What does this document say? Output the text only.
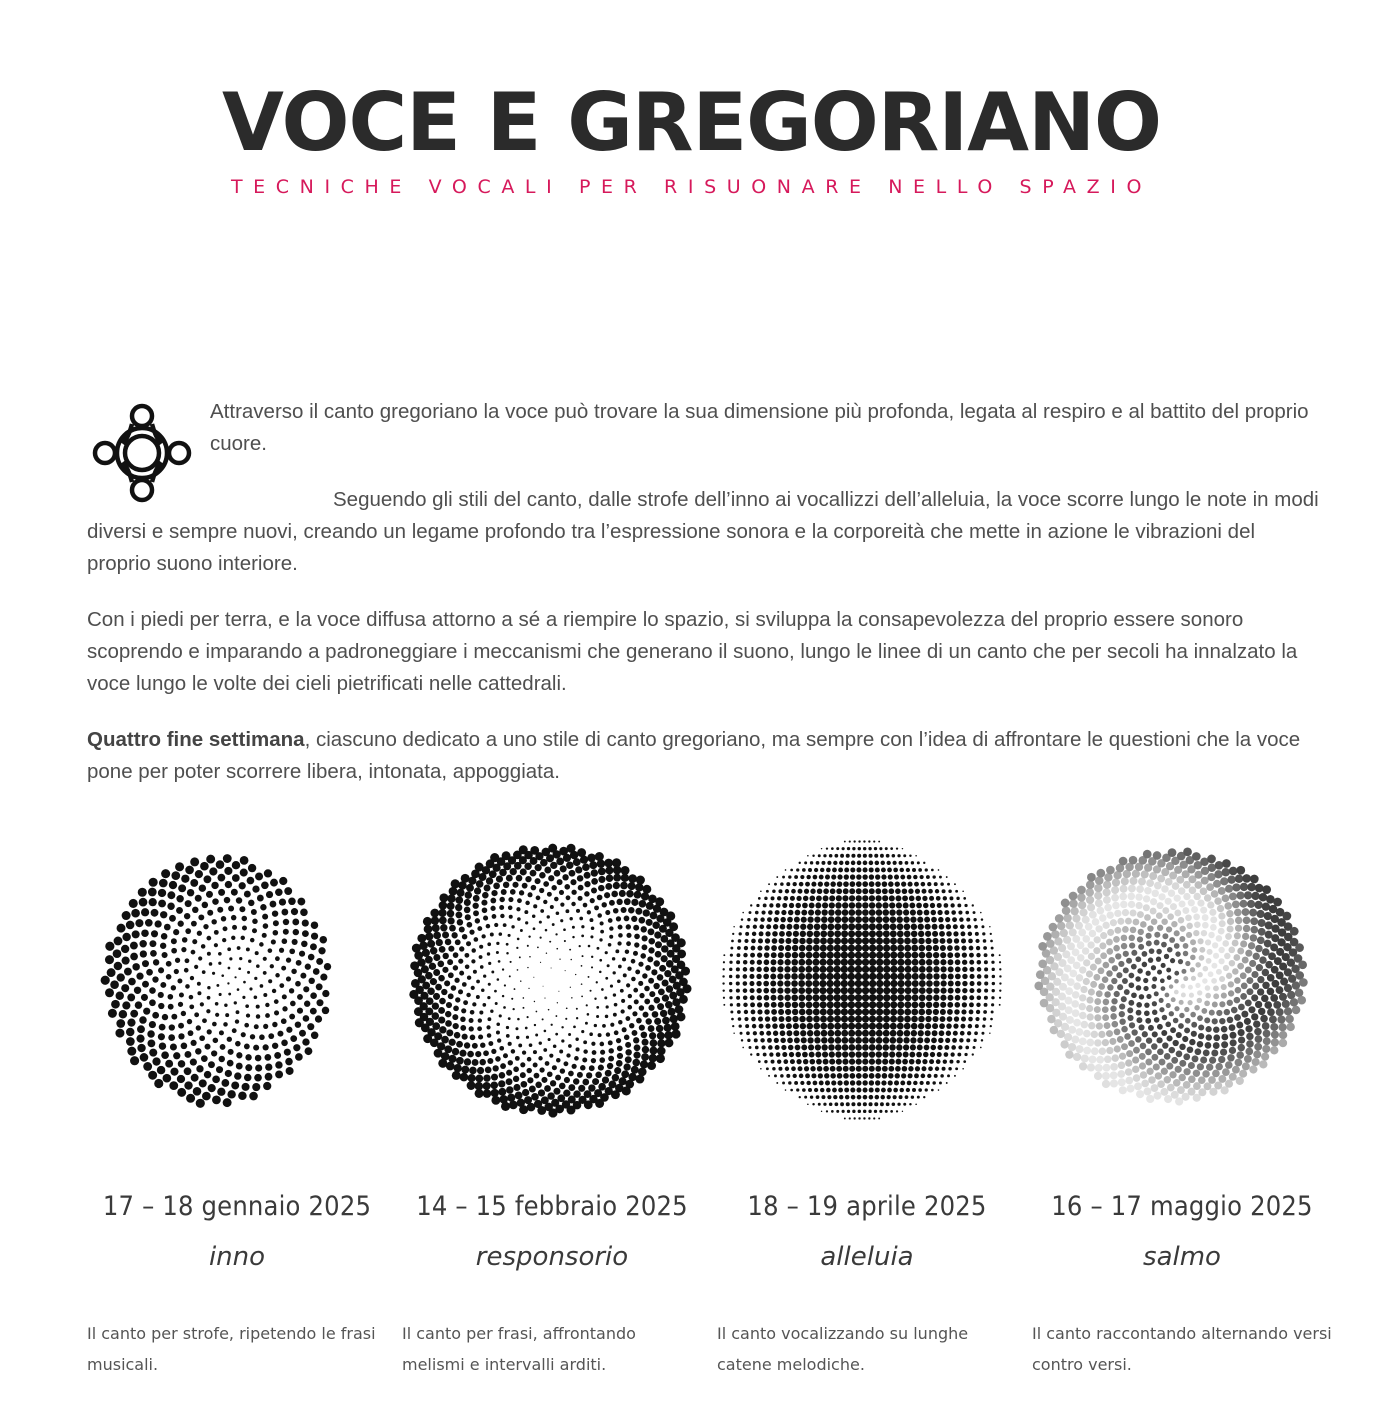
VOCE E GREGORIANO
TECNICHE VOCALI PER RISUONARE NELLO SPAZIO

Attraverso il canto gregoriano la voce può trovare la sua dimensione più profonda, legata al respiro e al battito del proprio cuore.

Seguendo gli stili del canto, dalle strofe dell’inno ai vocallizzi dell’alleluia, la voce scorre lungo le note in modi diversi e sempre nuovi, creando un legame profondo tra l’espressione sonora e la corporeità che mette in azione le vibrazioni del proprio suono interiore.

Con i piedi per terra, e la voce diffusa attorno a sé a riempire lo spazio, si sviluppa la consapevolezza del proprio essere sonoro scoprendo e imparando a padroneggiare i meccanismi che generano il suono, lungo le linee di un canto che per secoli ha innalzato la voce lungo le volte dei cieli pietrificati nelle cattedrali.

Quattro fine settimana, ciascuno dedicato a uno stile di canto gregoriano, ma sempre con l’idea di affrontare le questioni che la voce pone per poter scorrere libera, intonata, appoggiata.

17 – 18 gennaio 2025
inno
Il canto per strofe, ripetendo le frasi musicali.
14 – 15 febbraio 2025
responsorio
Il canto per frasi, affrontando melismi e intervalli arditi.
18 – 19 aprile 2025
alleluia
Il canto vocalizzando su lunghe catene melodiche.
16 – 17 maggio 2025
salmo
Il canto raccontando alternando versi contro versi.
